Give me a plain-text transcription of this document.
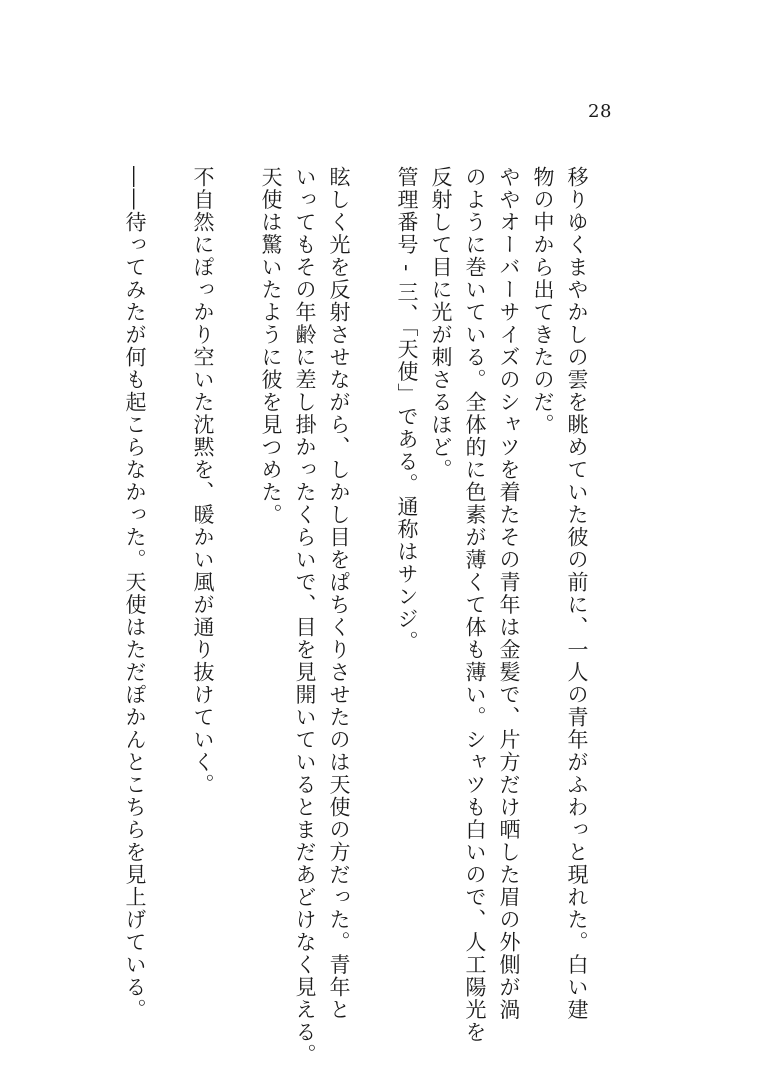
28

移りゆくまやかしの雲を眺めていた彼の前に、一人の青年がふわっと現れた。白い建

物の中から出てきたのだ。

ややオーバーサイズのシャツを着たその青年は金髪で、片方だけ晒した眉の外側が渦

のように巻いている。全体的に色素が薄くて体も薄い。シャツも白いので、人工陽光を

反射して目に光が刺さるほど。

管理番号 - 三、「天使」である。通称はサンジ。

眩しく光を反射させながら、しかし目をぱちくりさせたのは天使の方だった。青年と

いってもその年齢に差し掛かったくらいで、目を見開いているとまだあどけなく見える。

天使は驚いたように彼を見つめた。

不自然にぽっかり空いた沈黙を、暖かい風が通り抜けていく。

――待ってみたが何も起こらなかった。天使はただぽかんとこちらを見上げている。
